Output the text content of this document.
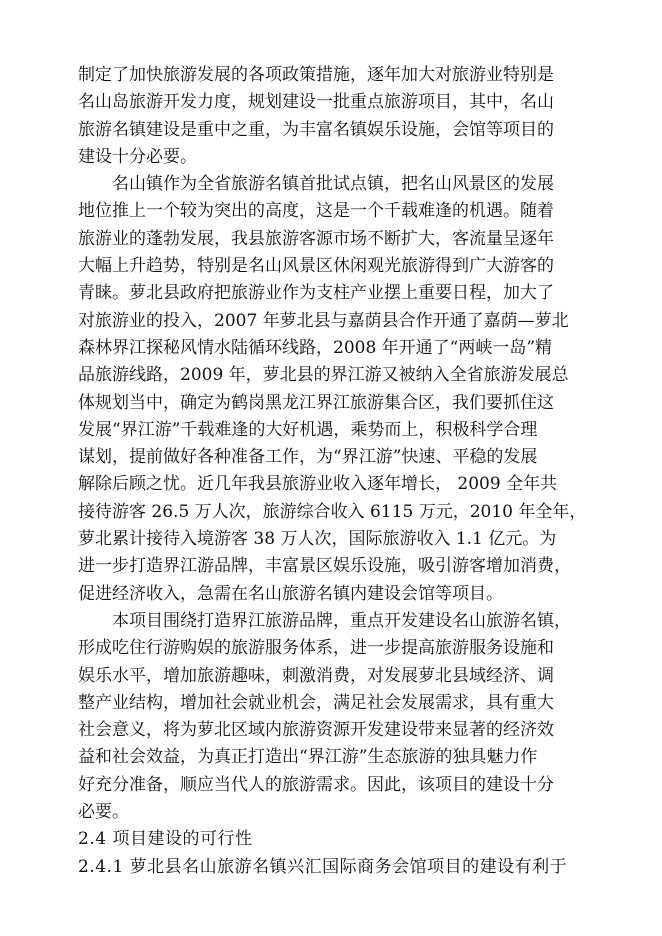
制定了加快旅游发展的各项政策措施，逐年加大对旅游业特别是
名山岛旅游开发力度，规划建设一批重点旅游项目，其中，名山
旅游名镇建设是重中之重，为丰富名镇娱乐设施，会馆等项目的
建设十分必要。
名山镇作为全省旅游名镇首批试点镇，把名山风景区的发展
地位推上一个较为突出的高度，这是一个千载难逢的机遇。随着
旅游业的蓬勃发展，我县旅游客源市场不断扩大，客流量呈逐年
大幅上升趋势，特别是名山风景区休闲观光旅游得到广大游客的
青睐。萝北县政府把旅游业作为支柱产业摆上重要日程，加大了
对旅游业的投入，2007 年萝北县与嘉荫县合作开通了嘉荫—萝北
森林界江探秘风情水陆循环线路，2008 年开通了“两峡一岛”精
品旅游线路，2009 年，萝北县的界江游又被纳入全省旅游发展总
体规划当中，确定为鹤岗黑龙江界江旅游集合区，我们要抓住这
发展“界江游”千载难逢的大好机遇，乘势而上，积极科学合理
谋划，提前做好各种准备工作，为“界江游”快速、平稳的发展
解除后顾之忧。近几年我县旅游业收入逐年增长， 2009 全年共
接待游客 26.5 万人次，旅游综合收入 6115 万元，2010 年全年，
萝北累计接待入境游客 38 万人次，国际旅游收入 1.1 亿元。为
进一步打造界江游品牌，丰富景区娱乐设施，吸引游客增加消费，
促进经济收入，急需在名山旅游名镇内建设会馆等项目。
本项目围绕打造界江旅游品牌，重点开发建设名山旅游名镇，
形成吃住行游购娱的旅游服务体系，进一步提高旅游服务设施和
娱乐水平，增加旅游趣味，刺激消费，对发展萝北县域经济、调
整产业结构，增加社会就业机会，满足社会发展需求，具有重大
社会意义，将为萝北区域内旅游资源开发建设带来显著的经济效
益和社会效益，为真正打造出“界江游”生态旅游的独具魅力作
好充分准备，顺应当代人的旅游需求。因此，该项目的建设十分
必要。
2.4 项目建设的可行性
2.4.1 萝北县名山旅游名镇兴汇国际商务会馆项目的建设有利于
